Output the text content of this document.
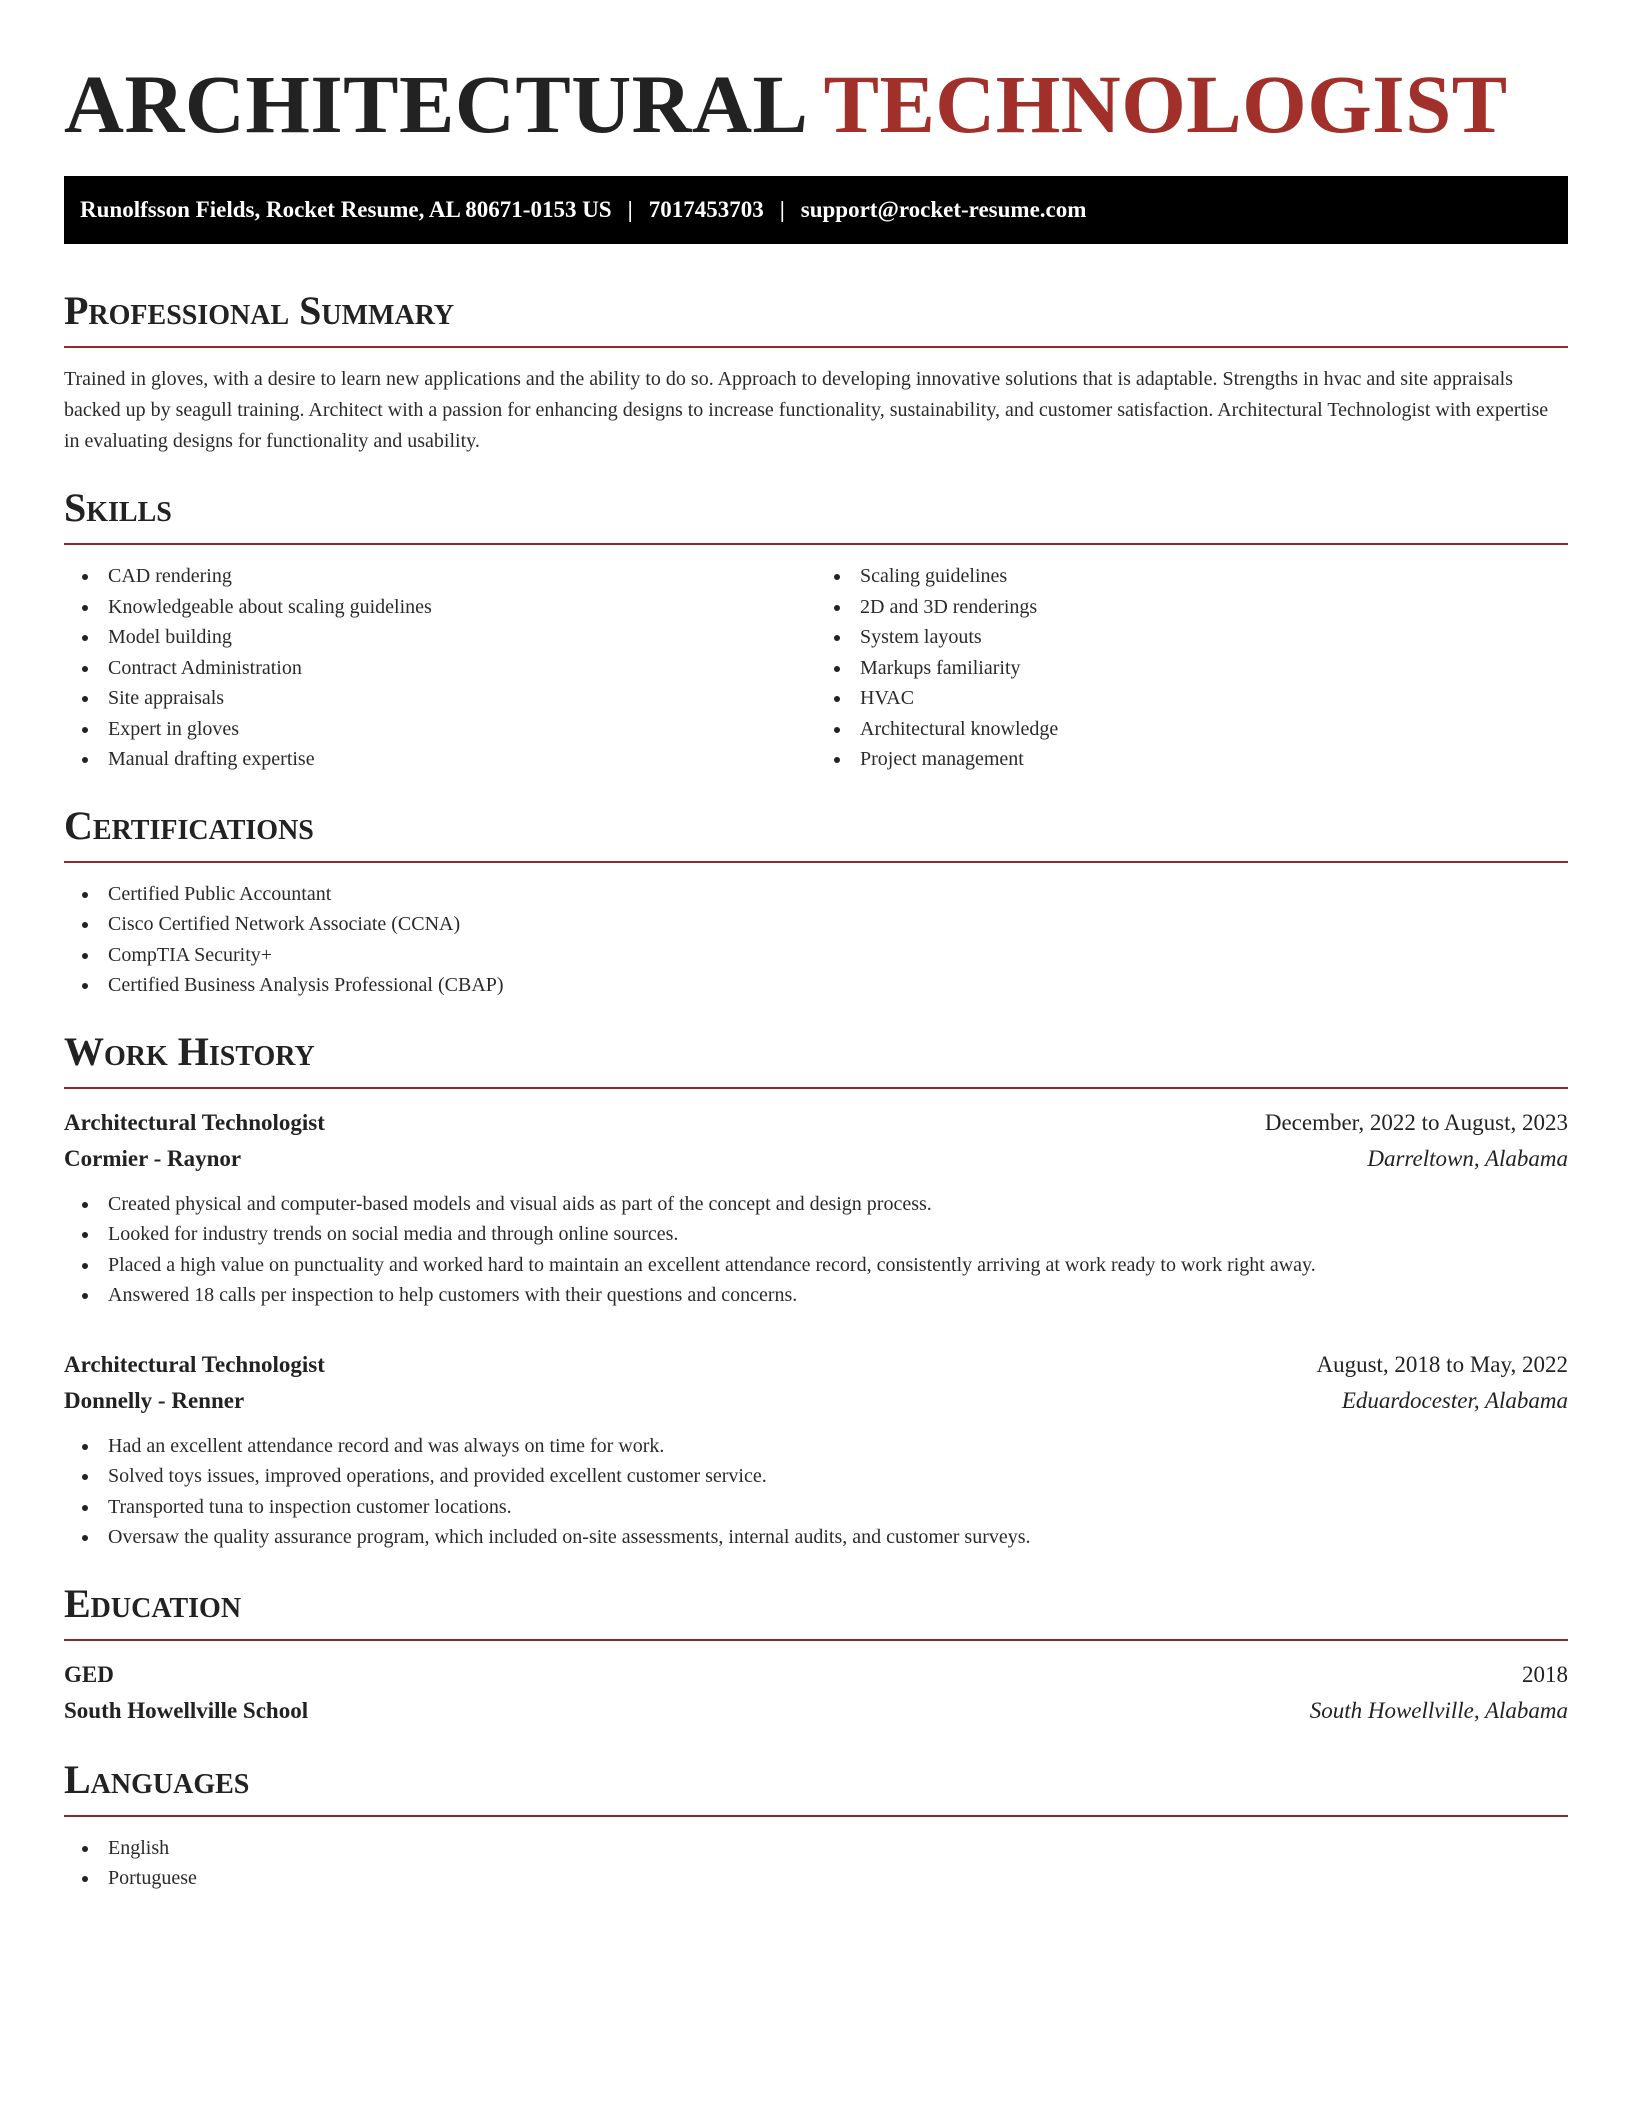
ARCHITECTURAL TECHNOLOGIST
Runolfsson Fields, Rocket Resume, AL 80671-0153 US | 7017453703 | support@rocket-resume.com
Professional Summary

Trained in gloves, with a desire to learn new applications and the ability to do so. Approach to developing innovative solutions that is adaptable. Strengths in hvac and site appraisals backed up by seagull training. Architect with a passion for enhancing designs to increase functionality, sustainability, and customer satisfaction. Architectural Technologist with expertise in evaluating designs for functionality and usability.

Skills
CAD rendering
Knowledgeable about scaling guidelines
Model building
Contract Administration
Site appraisals
Expert in gloves
Manual drafting expertise
Scaling guidelines
2D and 3D renderings
System layouts
Markups familiarity
HVAC
Architectural knowledge
Project management
Certifications
Certified Public Accountant
Cisco Certified Network Associate (CCNA)
CompTIA Security+
Certified Business Analysis Professional (CBAP)
Work History
Architectural Technologist	December, 2022 to August, 2023
Cormier - Raynor	Darreltown, Alabama
Created physical and computer-based models and visual aids as part of the concept and design process.
Looked for industry trends on social media and through online sources.
Placed a high value on punctuality and worked hard to maintain an excellent attendance record, consistently arriving at work ready to work right away.
Answered 18 calls per inspection to help customers with their questions and concerns.
Architectural Technologist	August, 2018 to May, 2022
Donnelly - Renner	Eduardocester, Alabama
Had an excellent attendance record and was always on time for work.
Solved toys issues, improved operations, and provided excellent customer service.
Transported tuna to inspection customer locations.
Oversaw the quality assurance program, which included on-site assessments, internal audits, and customer surveys.
Education
GED	2018
South Howellville School	South Howellville, Alabama
Languages
English
Portuguese
